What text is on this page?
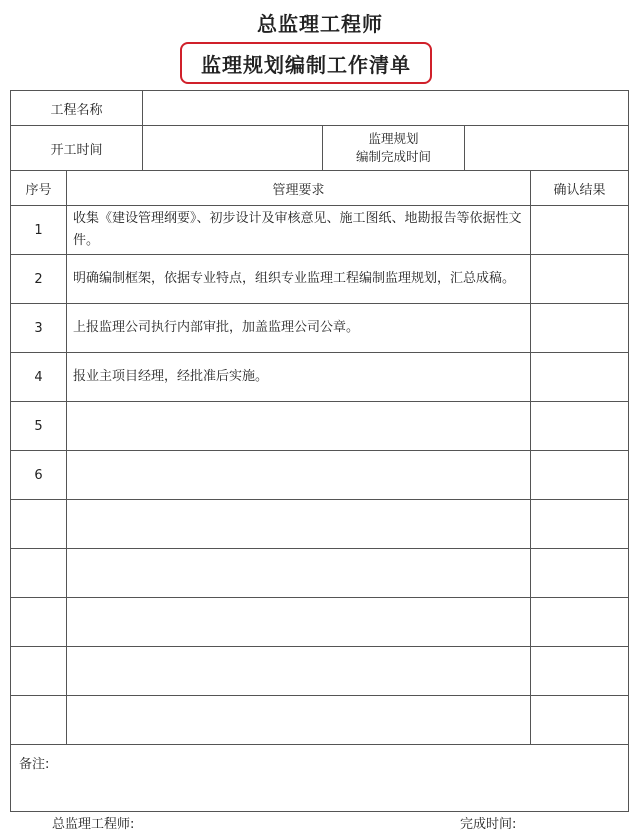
总监理工程师
监理规划编制工作清单
工程名称					
开工时间			监理规划
编制完成时间		

序号	管理要求				确认结果
1	收集《建设管理纲要》、初步设计及审核意见、施工图纸、地勘报告等依据性文件。				
2	明确编制框架，依据专业特点，组织专业监理工程编制监理规划，汇总成稿。				
3	上报监理公司执行内部审批，加盖监理公司公章。				
4	报业主项目经理，经批准后实施。				
5					
6					

备注:					
总监理工程师:	完成时间:
